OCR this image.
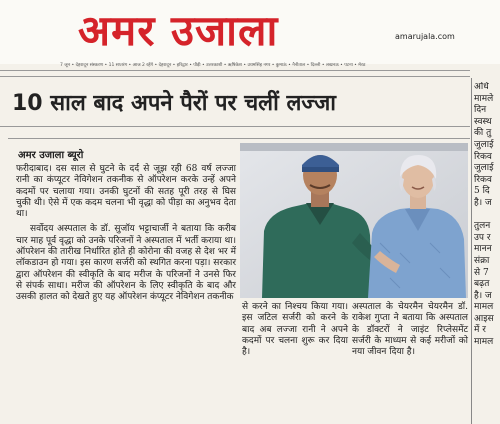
अमर उजाला	amarujala.com
7 जून • देहरादून संस्करण • 11 सप्तरंग • आज 2 रहेंगे • देहरादून • हरिद्वार • पौड़ी • उत्तरकाशी • ऋषिकेश • उधमसिंह नगर • कुमाऊं • नैनीताल • दिल्ली • लखनऊ • पटना • मेरठ
10 साल बाद अपने पैरों पर चलीं लज्जा
अमर उजाला ब्यूरो

फरीदाबाद। दस साल से घुटने के दर्द से जूझ रही 68 वर्ष लज्जा रानी का कंप्यूटर नेविगेशन तकनीक से ऑपरेशन करके उन्हें अपने कदमों पर चलाया गया। उनकी घुटनों की सतह पूरी तरह से घिस चुकी थी। ऐसे में एक कदम चलना भी वृद्धा को पीड़ा का अनुभव देता था।

सर्वोदय अस्पताल के डॉ. सुजॉय भट्टाचार्जी ने बताया कि करीब चार माह पूर्व वृद्धा को उनके परिजनों ने अस्पताल में भर्ती कराया था। ऑपरेशन की तारीख निर्धारित होते ही कोरोना की वजह से देश भर में लॉकडाउन हो गया। इस कारण सर्जरी को स्थगित करना पड़ा। सरकार द्वारा ऑपरेशन की स्वीकृति के बाद मरीज के परिजनों ने उनसे फिर से संपर्क साधा। मरीज की ऑपरेशन के लिए स्वीकृति के बाद और उसकी हालत को देखते हुए यह ऑपरेशन कंप्यूटर नेविगेशन तकनीक

से करने का निश्चय किया गया। इस जटिल सर्जरी को करने के बाद अब लज्जा रानी ने अपने कदमों पर चलना शुरू कर दिया है।
अस्पताल के चेयरमैन चेयरमैन डॉ. राकेश गुप्ता ने बताया कि अस्पताल के डॉक्टरों ने जाइंट रिप्लेसमेंट सर्जरी के माध्यम से कई मरीजों को नया जीवन दिया है।
अधि
मामले
दिन
स्वस्थ
की तु
जुलाई
रिकव
जुलाई
रिकव
5 दि
है। ज

तुलन
उप र
मानन
संक्रा
से 7
बढ़त
है। ज
मामल
आइस
में र
मामल
